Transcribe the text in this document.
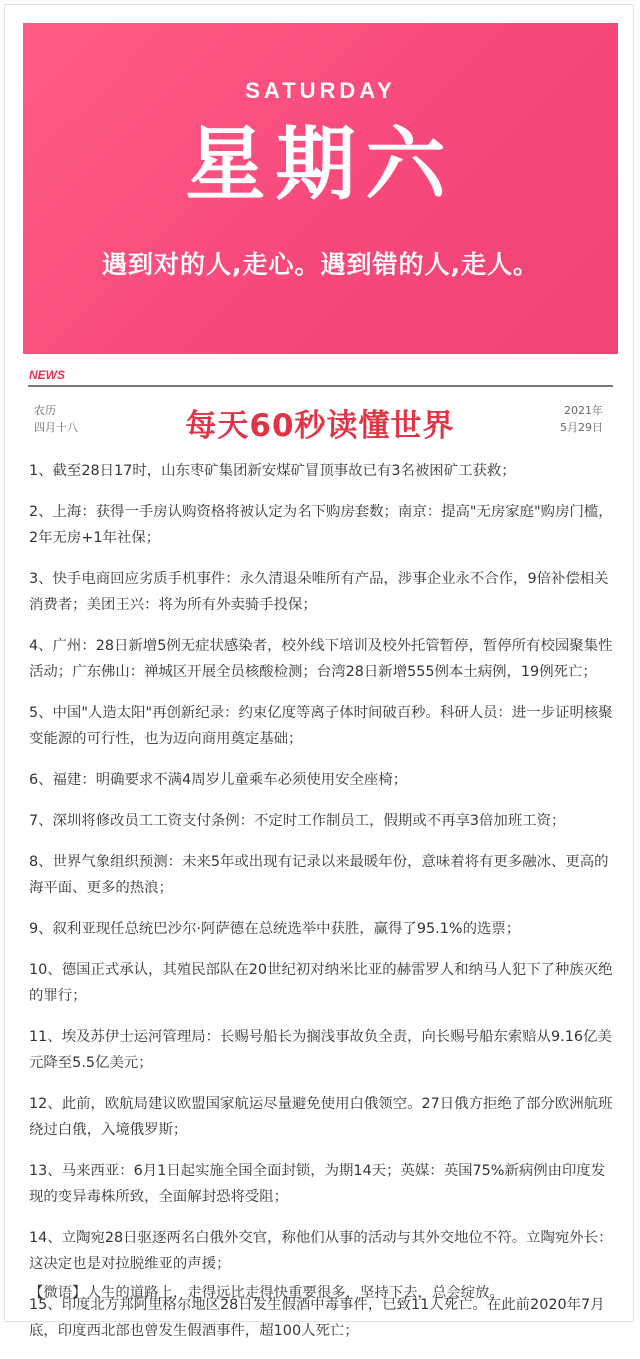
SATURDAY
星期六
遇到对的人,走心。遇到错的人,走人。
NEWS
农历
四月十八	每天60秒读懂世界	2021年
5月29日
1、截至28日17时，山东枣矿集团新安煤矿冒顶事故已有3名被困矿工获救；
2、上海：获得一手房认购资格将被认定为名下购房套数；南京：提高"无房家庭"购房门槛，2年无房+1年社保；
3、快手电商回应劣质手机事件：永久清退朵唯所有产品，涉事企业永不合作，9倍补偿相关消费者；美团王兴：将为所有外卖骑手投保；
4、广州：28日新增5例无症状感染者，校外线下培训及校外托管暂停，暂停所有校园聚集性活动；广东佛山：禅城区开展全员核酸检测；台湾28日新增555例本土病例，19例死亡；
5、中国"人造太阳"再创新纪录：约束亿度等离子体时间破百秒。科研人员：进一步证明核聚变能源的可行性，也为迈向商用奠定基础；
6、福建：明确要求不满4周岁儿童乘车必须使用安全座椅；
7、深圳将修改员工工资支付条例：不定时工作制员工，假期或不再享3倍加班工资；
8、世界气象组织预测：未来5年或出现有记录以来最暖年份，意味着将有更多融冰、更高的海平面、更多的热浪；
9、叙利亚现任总统巴沙尔·阿萨德在总统选举中获胜，赢得了95.1%的选票；
10、德国正式承认，其殖民部队在20世纪初对纳米比亚的赫雷罗人和纳马人犯下了种族灭绝的罪行；
11、埃及苏伊士运河管理局：长赐号船长为搁浅事故负全责，向长赐号船东索赔从9.16亿美元降至5.5亿美元；
12、此前，欧航局建议欧盟国家航运尽量避免使用白俄领空。27日俄方拒绝了部分欧洲航班绕过白俄，入境俄罗斯；
13、马来西亚：6月1日起实施全国全面封锁，为期14天；英媒：英国75%新病例由印度发现的变异毒株所致，全面解封恐将受阻；
14、立陶宛28日驱逐两名白俄外交官，称他们从事的活动与其外交地位不符。立陶宛外长：这决定也是对拉脱维亚的声援；
15、印度北方邦阿里格尔地区28日发生假酒中毒事件，已致11人死亡。在此前2020年7月底，印度西北部也曾发生假酒事件，超100人死亡；
【微语】人生的道路上，走得远比走得快重要很多，坚持下去，总会绽放。
